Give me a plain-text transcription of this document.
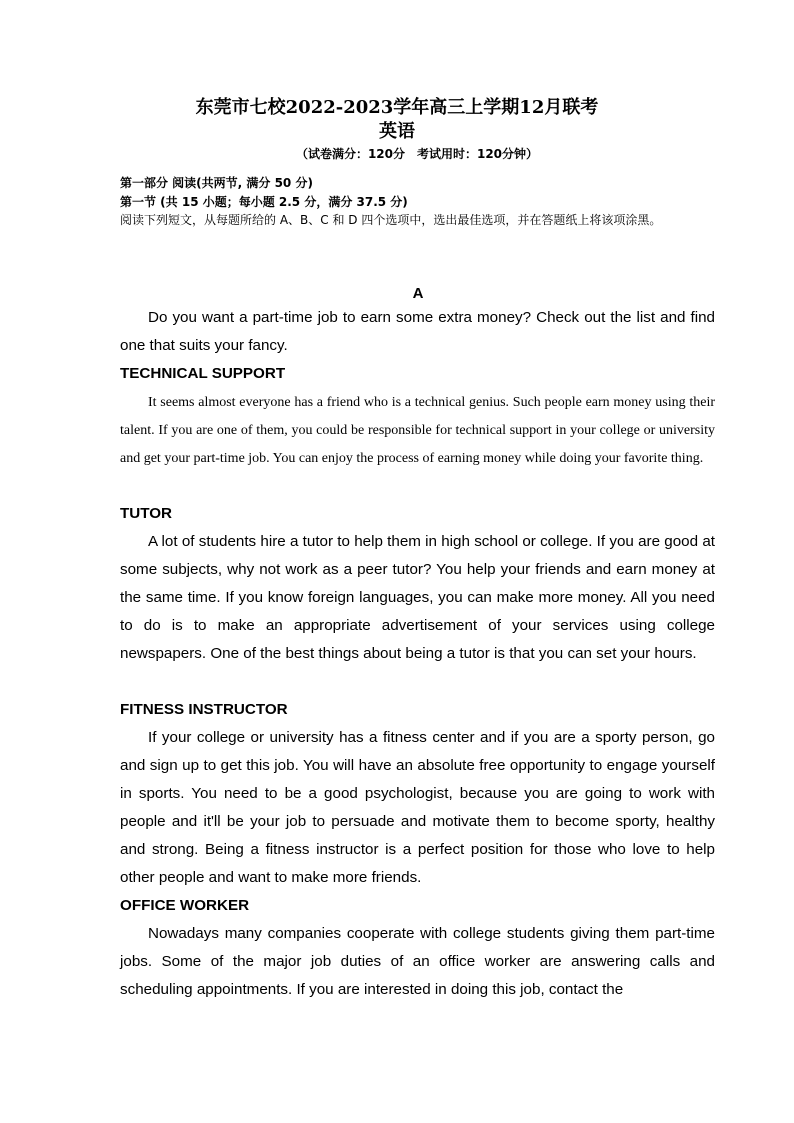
东莞市七校2022-2023学年高三上学期12月联考
英语
（试卷满分：120分　考试用时：120分钟）
第一部分 阅读(共两节, 满分 50 分)
第一节 (共 15 小题；每小题 2.5 分，满分 37.5 分)
阅读下列短文，从每题所给的 A、B、C 和 D 四个选项中，选出最佳选项，并在答题纸上将该项涂黑。
A

Do you want a part-time job to earn some extra money? Check out the list and find one that suits your fancy.

TECHNICAL SUPPORT

It seems almost everyone has a friend who is a technical genius. Such people earn money using their talent. If you are one of them, you could be responsible for technical support in your college or university and get your part-time job. You can enjoy the process of earning money while doing your favorite thing.

TUTOR

A lot of students hire a tutor to help them in high school or college. If you are good at some subjects, why not work as a peer tutor? You help your friends and earn money at the same time. If you know foreign languages, you can make more money. All you need to do is to make an appropriate advertisement of your services using college newspapers. One of the best things about being a tutor is that you can set your hours.

FITNESS INSTRUCTOR

If your college or university has a fitness center and if you are a sporty person, go and sign up to get this job. You will have an absolute free opportunity to engage yourself in sports. You need to be a good psychologist, because you are going to work with people and it'll be your job to persuade and motivate them to become sporty, healthy and strong. Being a fitness instructor is a perfect position for those who love to help other people and want to make more friends.

OFFICE WORKER

Nowadays many companies cooperate with college students giving them part-time jobs. Some of the major job duties of an office worker are answering calls and scheduling appointments. If you are interested in doing this job, contact the
